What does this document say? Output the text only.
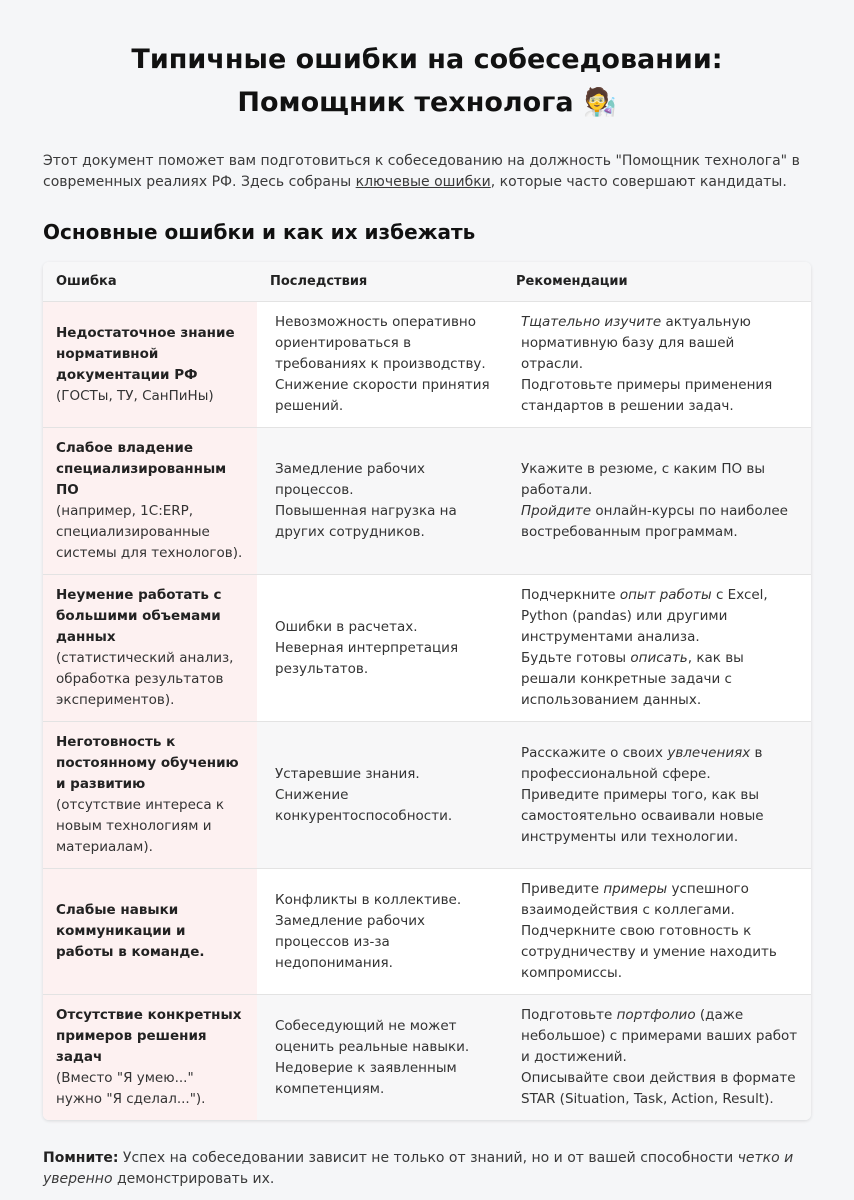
Типичные ошибки на собеседовании:
Помощник технолога 🧑‍🔬

Этот документ поможет вам подготовиться к собеседованию на должность "Помощник технолога" в современных реалиях РФ. Здесь собраны ключевые ошибки, которые часто совершают кандидаты.

Основные ошибки и как их избежать
Ошибка	Последствия	Рекомендации
Недостаточное знание нормативной документации РФ
(ГОСТы, ТУ, СанПиНы)
Невозможность оперативно ориентироваться в требованиях к производству.
Снижение скорости принятия решений.
Тщательно изучите актуальную нормативную базу для вашей отрасли.
Подготовьте примеры применения стандартов в решении задач.
Слабое владение специализированным ПО
(например, 1С:ERP, специализированные системы для технологов).
Замедление рабочих процессов.
Повышенная нагрузка на других сотрудников.
Укажите в резюме, с каким ПО вы работали.
Пройдите онлайн-курсы по наиболее востребованным программам.
Неумение работать с большими объемами данных
(статистический анализ, обработка результатов экспериментов).
Ошибки в расчетах.
Неверная интерпретация результатов.
Подчеркните опыт работы с Excel, Python (pandas) или другими инструментами анализа.
Будьте готовы описать, как вы решали конкретные задачи с использованием данных.
Неготовность к постоянному обучению и развитию
(отсутствие интереса к новым технологиям и материалам).
Устаревшие знания.
Снижение конкурентоспособности.
Расскажите о своих увлечениях в профессиональной сфере.
Приведите примеры того, как вы самостоятельно осваивали новые инструменты или технологии.
Слабые навыки коммуникации и работы в команде.
Конфликты в коллективе.
Замедление рабочих процессов из-за недопонимания.
Приведите примеры успешного взаимодействия с коллегами.
Подчеркните свою готовность к сотрудничеству и умение находить компромиссы.
Отсутствие конкретных примеров решения задач
(Вместо "Я умею..." нужно "Я сделал...").
Собеседующий не может оценить реальные навыки.
Недоверие к заявленным компетенциям.
Подготовьте портфолио (даже небольшое) с примерами ваших работ и достижений.
Описывайте свои действия в формате STAR (Situation, Task, Action, Result).

Помните: Успех на собеседовании зависит не только от знаний, но и от вашей способности четко и уверенно демонстрировать их.
